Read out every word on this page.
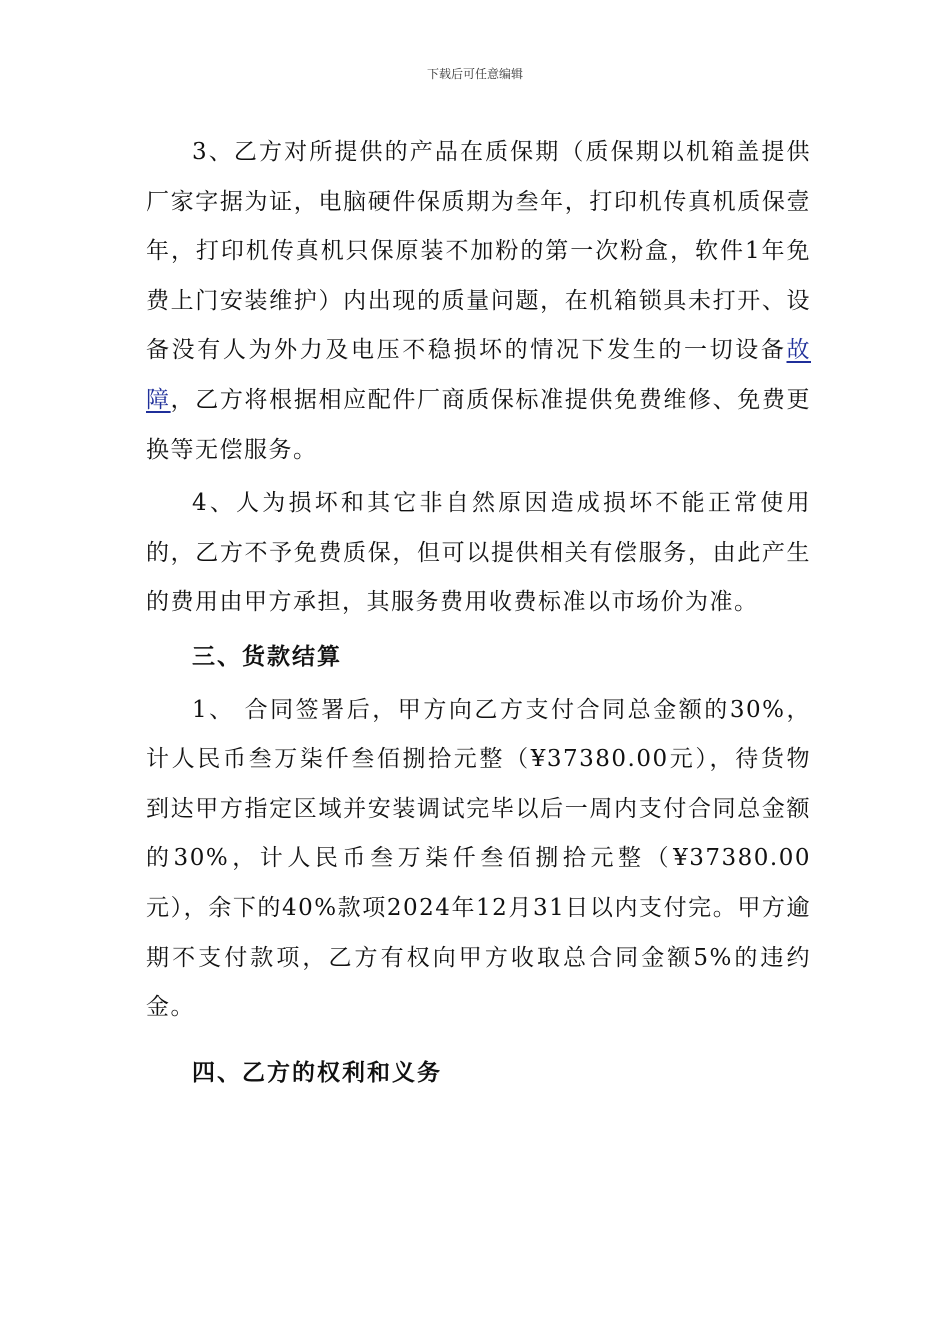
下载后可任意编辑

3、乙方对所提供的产品在质保期（质保期以机箱盖提供厂家字据为证，电脑硬件保质期为叁年，打印机传真机质保壹年，打印机传真机只保原装不加粉的第一次粉盒，软件1年免费上门安装维护）内出现的质量问题，在机箱锁具未打开、设备没有人为外力及电压不稳损坏的情况下发生的一切设备故障，乙方将根据相应配件厂商质保标准提供免费维修、免费更换等无偿服务。

4、人为损坏和其它非自然原因造成损坏不能正常使用的，乙方不予免费质保，但可以提供相关有偿服务，由此产生的费用由甲方承担，其服务费用收费标准以市场价为准。

三、货款结算

1、 合同签署后，甲方向乙方支付合同总金额的30%，计人民币叁万柒仟叁佰捌拾元整（¥37380.00元），待货物到达甲方指定区域并安装调试完毕以后一周内支付合同总金额的30%，计人民币叁万柒仟叁佰捌拾元整（¥37380.00元），余下的40%款项2024年12月31日以内支付完。甲方逾期不支付款项，乙方有权向甲方收取总合同金额5%的违约金。

四、乙方的权利和义务
